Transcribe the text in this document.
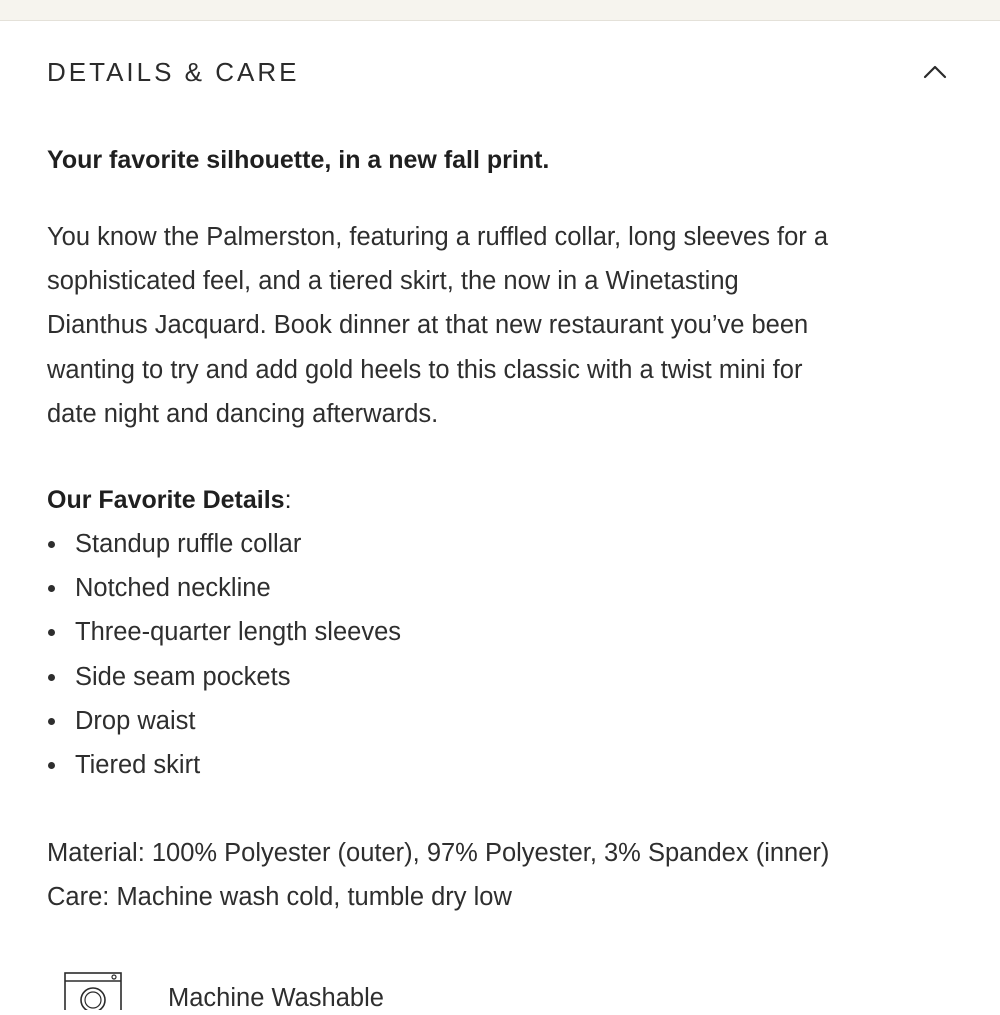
DETAILS & CARE

Your favorite silhouette, in a new fall print.

You know the Palmerston, featuring a ruffled collar, long sleeves for a
sophisticated feel, and a tiered skirt, the now in a Winetasting
Dianthus Jacquard. Book dinner at that new restaurant you’ve been
wanting to try and add gold heels to this classic with a twist mini for
date night and dancing afterwards.

Our Favorite Details:
Standup ruffle collar
Notched neckline
Three-quarter length sleeves
Side seam pockets
Drop waist
Tiered skirt
Material: 100% Polyester (outer), 97% Polyester, 3% Spandex (inner)
Care: Machine wash cold, tumble dry low
Machine Washable
